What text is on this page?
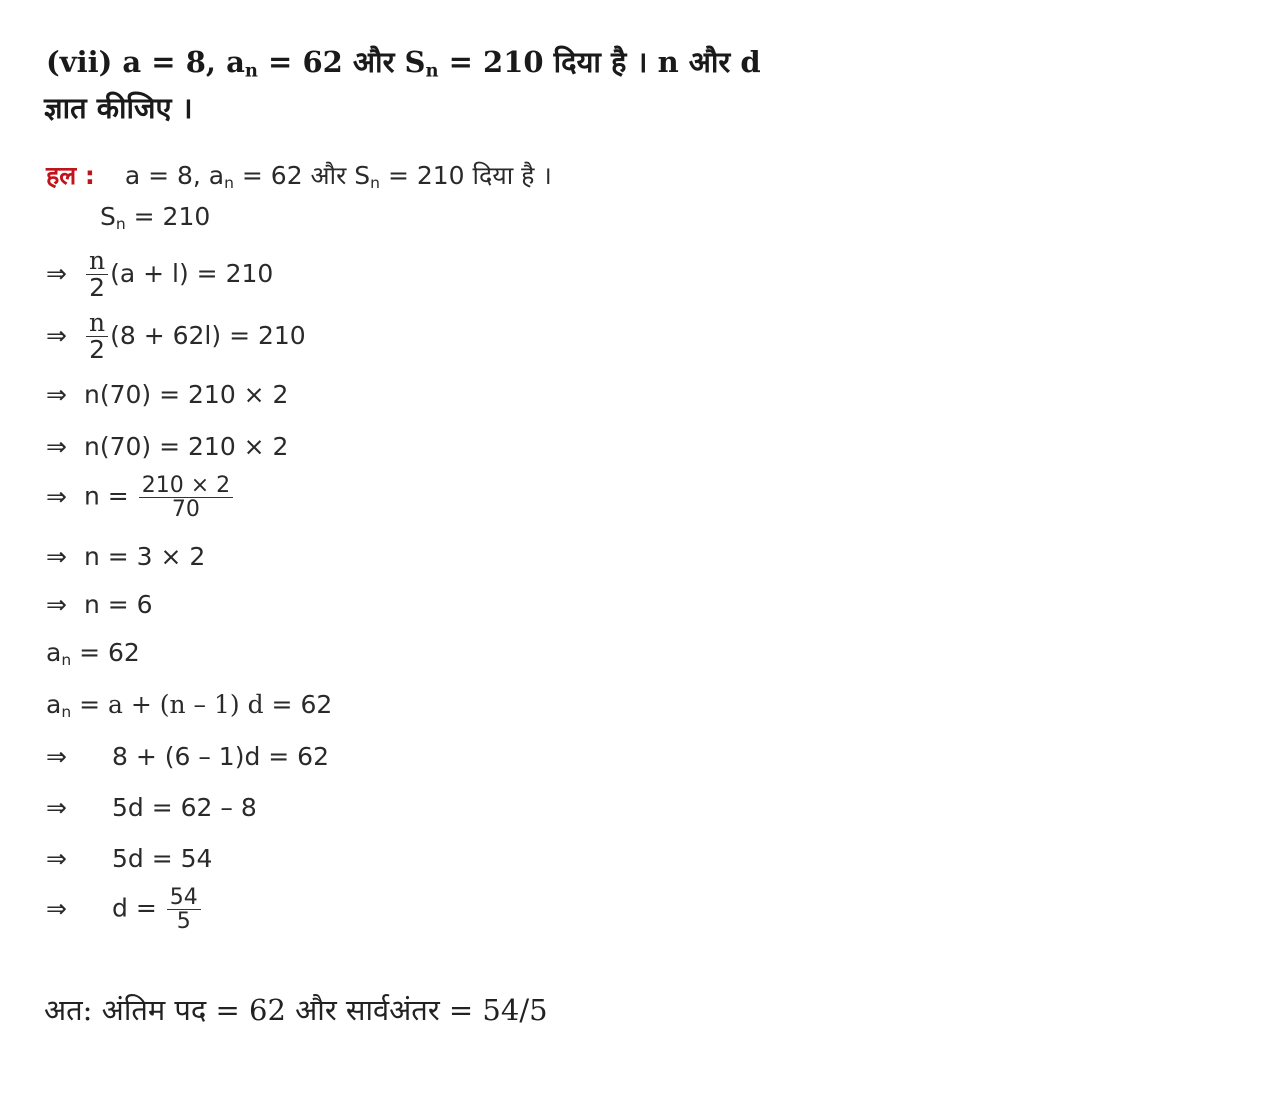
(vii) a = 8, $a_n = 62$ और $S_n = 210$ दिया है । n और d
ज्ञात कीजिए ।
हल : a = 8, $a_n = 62$ और $S_n = 210$ दिया है ।
$S_n = 210$
⇒ $\frac{n}{2} (a + l) = 210$
⇒ $\frac{n}{2} (8 + 62l) = 210$
⇒ n(70) = 210 × 2
⇒ n(70) = 210 × 2
⇒ $n = \frac{210 \times 2}{70}$
⇒ n = 3 × 2
⇒ n = 6
$a_n = 62$
$a_n = a + (n - 1) d = 62$
⇒ 8 + (6 – 1)d = 62
⇒ 5d = 62 – 8
⇒ 5d = 54
⇒ $d = \frac{54}{5}$
अत: अंतिम पद = 62 और सार्वअंतर = 54/5
